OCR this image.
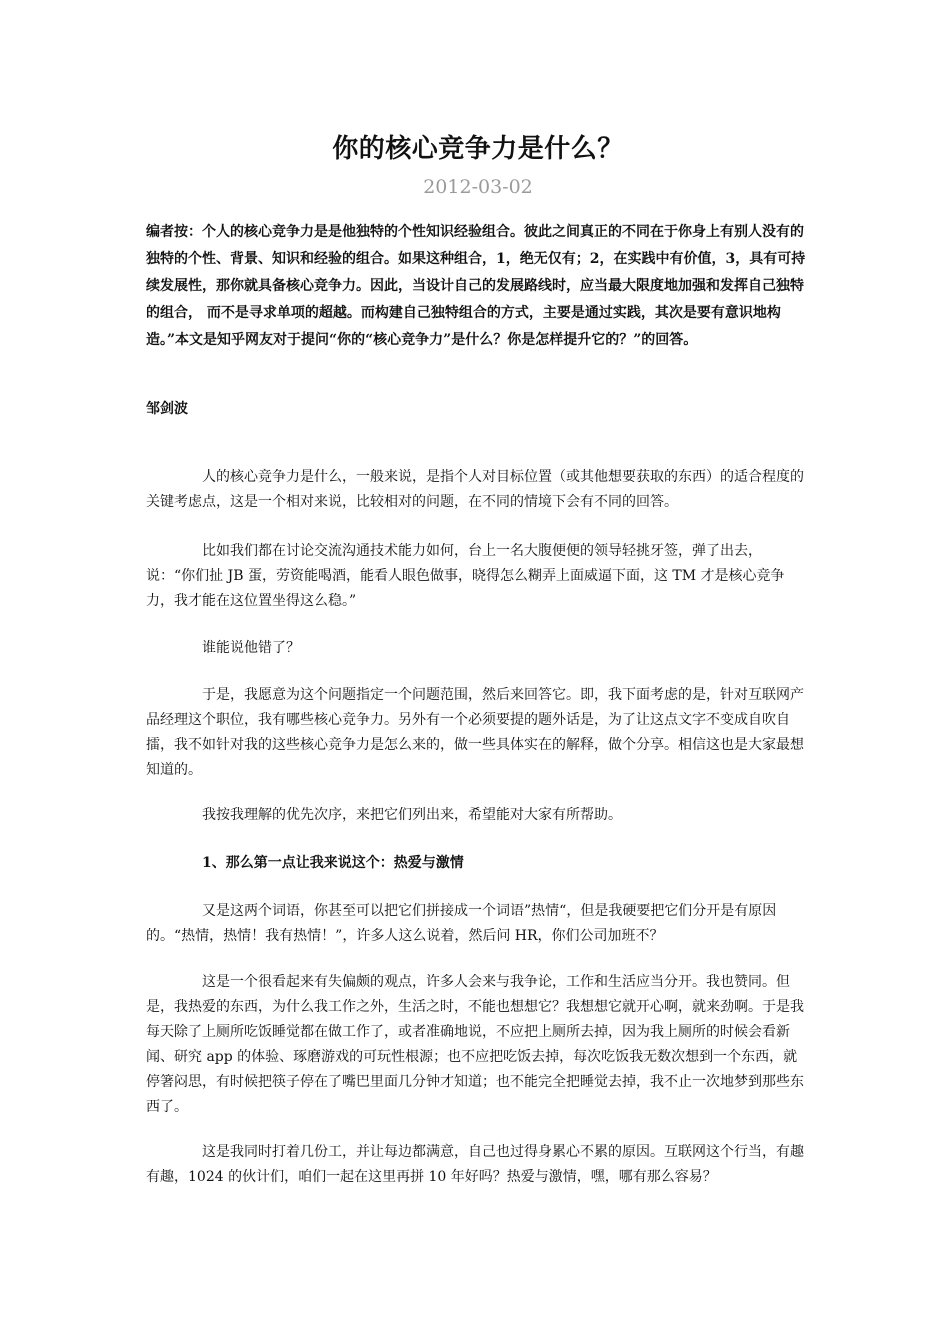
你的核心竞争力是什么？
2012-03-02
编者按：个人的核心竞争力是是他独特的个性知识经验组合。彼此之间真正的不同在于你身上有别人没有的独特的个性、背景、知识和经验的组合。如果这种组合，1，绝无仅有；2，在实践中有价值，3，具有可持续发展性，那你就具备核心竞争力。因此，当设计自己的发展路线时，应当最大限度地加强和发挥自己独特的组合， 而不是寻求单项的超越。而构建自己独特组合的方式，主要是通过实践，其次是要有意识地构造。”本文是知乎网友对于提问“你的“核心竞争力”是什么？你是怎样提升它的？”的回答。
邹剑波
人的核心竞争力是什么，一般来说，是指个人对目标位置（或其他想要获取的东西）的适合程度的关键考虑点，这是一个相对来说，比较相对的问题，在不同的情境下会有不同的回答。
比如我们都在讨论交流沟通技术能力如何，台上一名大腹便便的领导轻挑牙签，弹了出去，说：“你们扯 JB 蛋，劳资能喝酒，能看人眼色做事，晓得怎么糊弄上面威逼下面，这 TM 才是核心竞争力，我才能在这位置坐得这么稳。”
谁能说他错了？
于是，我愿意为这个问题指定一个问题范围，然后来回答它。即，我下面考虑的是，针对互联网产品经理这个职位，我有哪些核心竞争力。另外有一个必须要提的题外话是，为了让这点文字不变成自吹自擂，我不如针对我的这些核心竞争力是怎么来的，做一些具体实在的解释，做个分享。相信这也是大家最想知道的。
我按我理解的优先次序，来把它们列出来，希望能对大家有所帮助。
1、那么第一点让我来说这个：热爱与激情
又是这两个词语，你甚至可以把它们拼接成一个词语”热情“，但是我硬要把它们分开是有原因的。“热情，热情！我有热情！”，许多人这么说着，然后问 HR，你们公司加班不？
这是一个很看起来有失偏颇的观点，许多人会来与我争论，工作和生活应当分开。我也赞同。但是，我热爱的东西，为什么我工作之外，生活之时，不能也想想它？我想想它就开心啊，就来劲啊。于是我每天除了上厕所吃饭睡觉都在做工作了，或者准确地说，不应把上厕所去掉，因为我上厕所的时候会看新闻、研究 app 的体验、琢磨游戏的可玩性根源；也不应把吃饭去掉，每次吃饭我无数次想到一个东西，就停箸闷思，有时候把筷子停在了嘴巴里面几分钟才知道；也不能完全把睡觉去掉，我不止一次地梦到那些东西了。
这是我同时打着几份工，并让每边都满意，自己也过得身累心不累的原因。互联网这个行当，有趣有趣，1024 的伙计们，咱们一起在这里再拼 10 年好吗？热爱与激情，嘿，哪有那么容易？
